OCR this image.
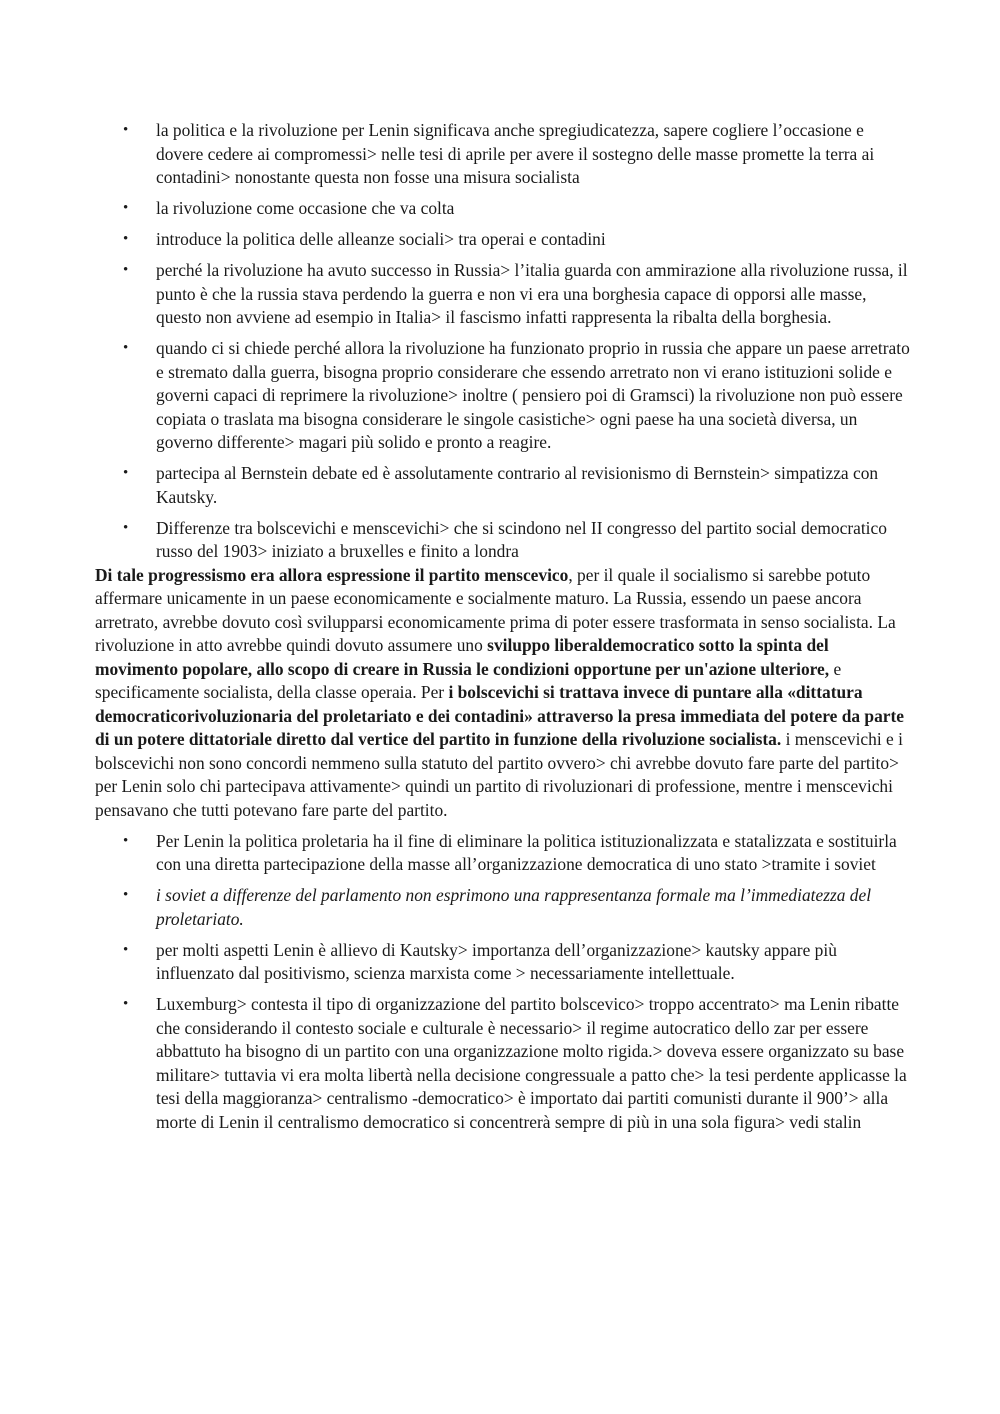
• la politica e la rivoluzione per Lenin significava anche spregiudicatezza, sapere cogliere l’occasione e dovere cedere ai compromessi> nelle tesi di aprile per avere il sostegno delle masse promette la terra ai contadini> nonostante questa non fosse una misura socialista
• la rivoluzione come occasione che va colta
• introduce la politica delle alleanze sociali> tra operai e contadini
• perché la rivoluzione ha avuto successo in Russia> l’italia guarda con ammirazione alla rivoluzione russa, il punto è che la russia stava perdendo la guerra e non vi era una borghesia capace di opporsi alle masse, questo non avviene ad esempio in Italia> il fascismo infatti rappresenta la ribalta della borghesia.
• quando ci si chiede perché allora la rivoluzione ha funzionato proprio in russia che appare un paese arretrato e stremato dalla guerra, bisogna proprio considerare che essendo arretrato non vi erano istituzioni solide e governi capaci di reprimere la rivoluzione> inoltre ( pensiero poi di Gramsci) la rivoluzione non può essere copiata o traslata ma bisogna considerare le singole casistiche> ogni paese ha una società diversa, un governo differente> magari più solido e pronto a reagire.
• partecipa al Bernstein debate ed è assolutamente contrario al revisionismo di Bernstein> simpatizza con Kautsky.
• Differenze tra bolscevichi e menscevichi> che si scindono nel II congresso del partito social democratico russo del 1903> iniziato a bruxelles e finito a londra

Di tale progressismo era allora espressione il partito menscevico, per il quale il socialismo si sarebbe potuto affermare unicamente in un paese economicamente e socialmente maturo. La Russia, essendo un paese ancora arretrato, avrebbe dovuto così svilupparsi economicamente prima di poter essere trasformata in senso socialista. La rivoluzione in atto avrebbe quindi dovuto assumere uno sviluppo liberaldemocratico sotto la spinta del movimento popolare, allo scopo di creare in Russia le condizioni opportune per un'azione ulteriore, e specificamente socialista, della classe operaia. Per i bolscevichi si trattava invece di puntare alla «dittatura democraticorivoluzionaria del proletariato e dei contadini» attraverso la presa immediata del potere da parte di un potere dittatoriale diretto dal vertice del partito in funzione della rivoluzione socialista. i menscevichi e i bolscevichi non sono concordi nemmeno sulla statuto del partito ovvero> chi avrebbe dovuto fare parte del partito> per Lenin solo chi partecipava attivamente> quindi un partito di rivoluzionari di professione, mentre i menscevichi pensavano che tutti potevano fare parte del partito.

• Per Lenin la politica proletaria ha il fine di eliminare la politica istituzionalizzata e statalizzata e sostituirla con una diretta partecipazione della masse all’organizzazione democratica di uno stato >tramite i soviet
• i soviet a differenze del parlamento non esprimono una rappresentanza formale ma l’immediatezza del proletariato.
• per molti aspetti Lenin è allievo di Kautsky> importanza dell’organizzazione> kautsky appare più influenzato dal positivismo, scienza marxista come > necessariamente intellettuale.
• Luxemburg> contesta il tipo di organizzazione del partito bolscevico> troppo accentrato> ma Lenin ribatte che considerando il contesto sociale e culturale è necessario> il regime autocratico dello zar per essere abbattuto ha bisogno di un partito con una organizzazione molto rigida.> doveva essere organizzato su base militare> tuttavia vi era molta libertà nella decisione congressuale a patto che> la tesi perdente applicasse la tesi della maggioranza> centralismo -democratico> è importato dai partiti comunisti durante il 900’> alla morte di Lenin il centralismo democratico si concentrerà sempre di più in una sola figura> vedi stalin
